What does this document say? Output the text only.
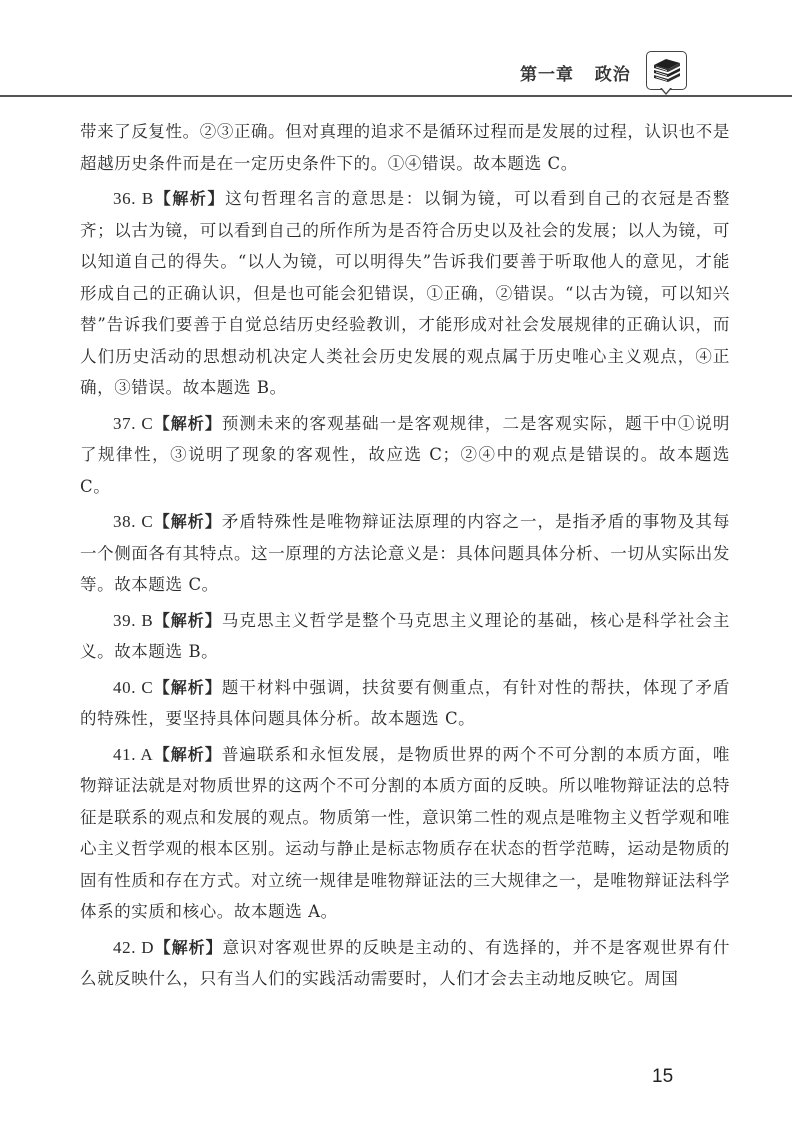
第一章   政治

带来了反复性。②③正确。但对真理的追求不是循环过程而是发展的过程，认识也不是超越历史条件而是在一定历史条件下的。①④错误。故本题选 C。

36. B【解析】这句哲理名言的意思是：以铜为镜，可以看到自己的衣冠是否整齐；以古为镜，可以看到自己的所作所为是否符合历史以及社会的发展；以人为镜，可以知道自己的得失。“以人为镜，可以明得失”告诉我们要善于听取他人的意见，才能形成自己的正确认识，但是也可能会犯错误，①正确，②错误。“以古为镜，可以知兴替”告诉我们要善于自觉总结历史经验教训，才能形成对社会发展规律的正确认识，而人们历史活动的思想动机决定人类社会历史发展的观点属于历史唯心主义观点，④正确，③错误。故本题选 B。

37. C【解析】预测未来的客观基础一是客观规律，二是客观实际，题干中①说明了规律性，③说明了现象的客观性，故应选 C；②④中的观点是错误的。故本题选 C。

38. C【解析】矛盾特殊性是唯物辩证法原理的内容之一，是指矛盾的事物及其每一个侧面各有其特点。这一原理的方法论意义是：具体问题具体分析、一切从实际出发等。故本题选 C。

39. B【解析】马克思主义哲学是整个马克思主义理论的基础，核心是科学社会主义。故本题选 B。

40. C【解析】题干材料中强调，扶贫要有侧重点，有针对性的帮扶，体现了矛盾的特殊性，要坚持具体问题具体分析。故本题选 C。

41. A【解析】普遍联系和永恒发展，是物质世界的两个不可分割的本质方面，唯物辩证法就是对物质世界的这两个不可分割的本质方面的反映。所以唯物辩证法的总特征是联系的观点和发展的观点。物质第一性，意识第二性的观点是唯物主义哲学观和唯心主义哲学观的根本区别。运动与静止是标志物质存在状态的哲学范畴，运动是物质的固有性质和存在方式。对立统一规律是唯物辩证法的三大规律之一，是唯物辩证法科学体系的实质和核心。故本题选 A。

42. D【解析】意识对客观世界的反映是主动的、有选择的，并不是客观世界有什么就反映什么，只有当人们的实践活动需要时，人们才会去主动地反映它。周国

15
